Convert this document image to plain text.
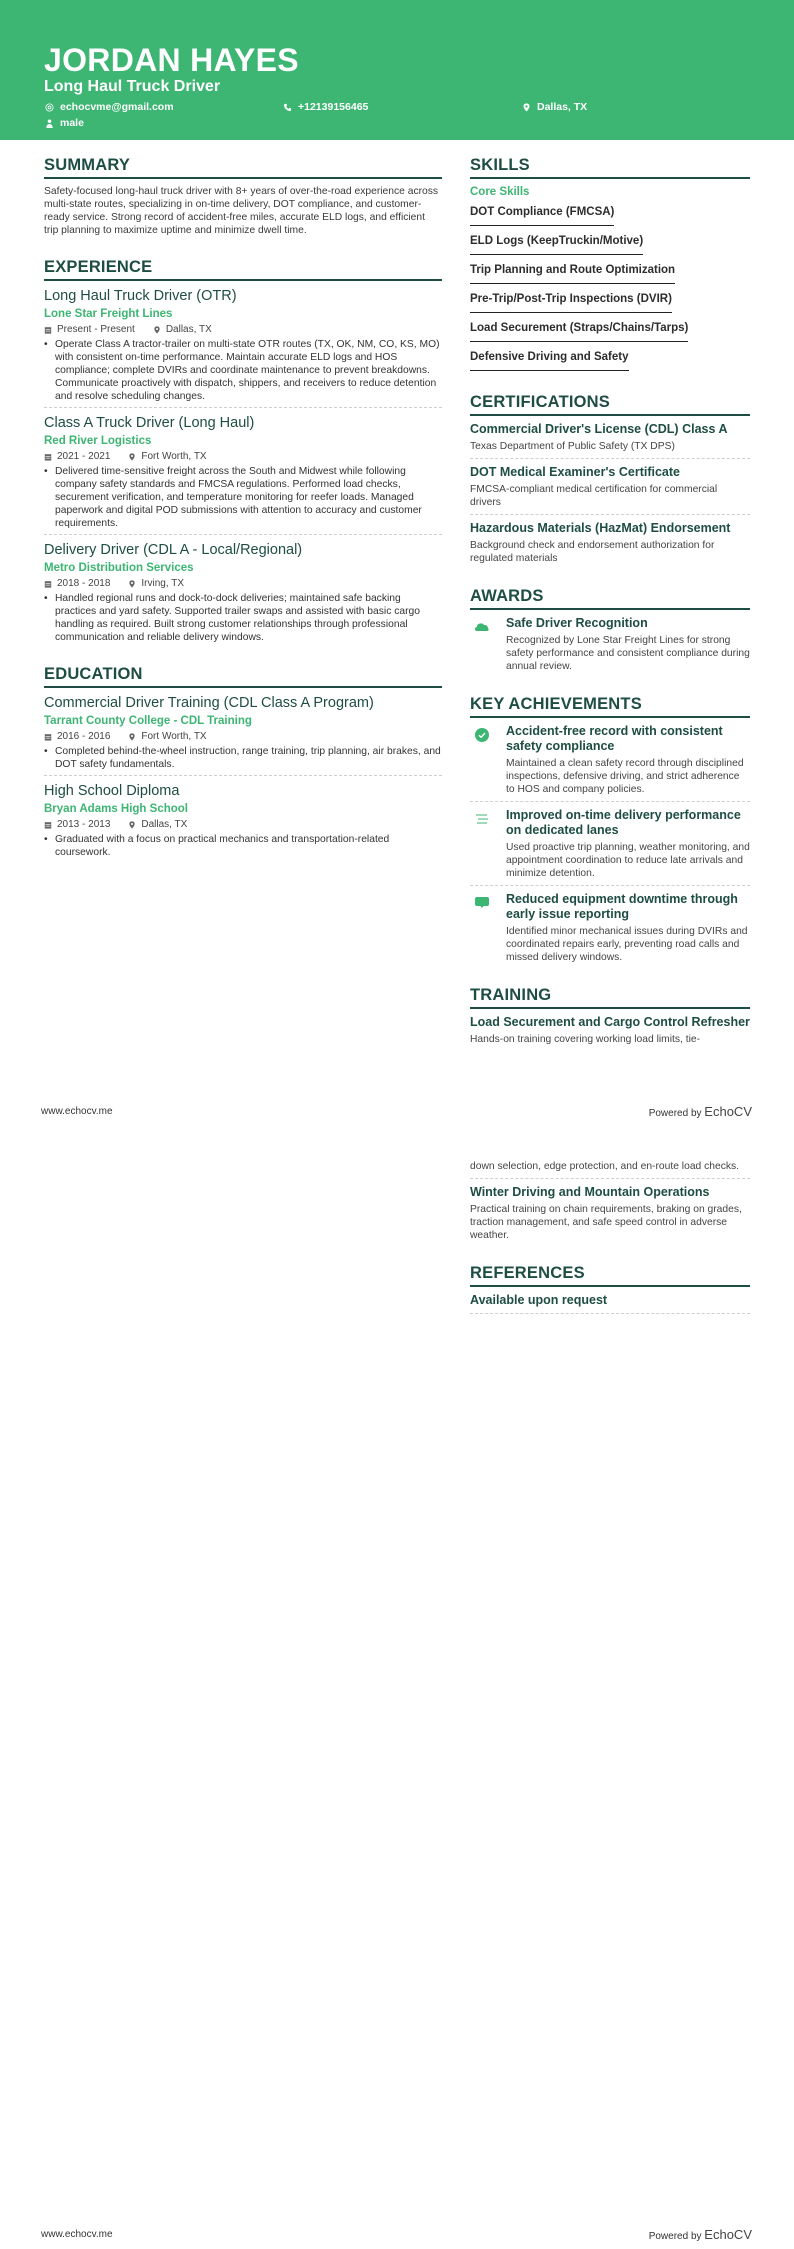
JORDAN HAYES
Long Haul Truck Driver
echocvme@gmail.com	+12139156465	Dallas, TX
male
SUMMARY
Safety-focused long-haul truck driver with 8+ years of over-the-road experience across multi-state routes, specializing in on-time delivery, DOT compliance, and customer-ready service. Strong record of accident-free miles, accurate ELD logs, and efficient trip planning to maximize uptime and minimize dwell time.
EXPERIENCE
Long Haul Truck Driver (OTR)
Lone Star Freight Lines
Present - Present	Dallas, TX
• Operate Class A tractor-trailer on multi-state OTR routes (TX, OK, NM, CO, KS, MO) with consistent on-time performance. Maintain accurate ELD logs and HOS compliance; complete DVIRs and coordinate maintenance to prevent breakdowns. Communicate proactively with dispatch, shippers, and receivers to reduce detention and resolve scheduling changes.
Class A Truck Driver (Long Haul)
Red River Logistics
2021 - 2021	Fort Worth, TX
• Delivered time-sensitive freight across the South and Midwest while following company safety standards and FMCSA regulations. Performed load checks, securement verification, and temperature monitoring for reefer loads. Managed paperwork and digital POD submissions with attention to accuracy and customer requirements.
Delivery Driver (CDL A - Local/Regional)
Metro Distribution Services
2018 - 2018	Irving, TX
• Handled regional runs and dock-to-dock deliveries; maintained safe backing practices and yard safety. Supported trailer swaps and assisted with basic cargo handling as required. Built strong customer relationships through professional communication and reliable delivery windows.
EDUCATION
Commercial Driver Training (CDL Class A Program)
Tarrant County College - CDL Training
2016 - 2016	Fort Worth, TX
• Completed behind-the-wheel instruction, range training, trip planning, air brakes, and DOT safety fundamentals.
High School Diploma
Bryan Adams High School
2013 - 2013	Dallas, TX
• Graduated with a focus on practical mechanics and transportation-related coursework.
SKILLS
Core Skills
DOT Compliance (FMCSA)
ELD Logs (KeepTruckin/Motive)
Trip Planning and Route Optimization
Pre-Trip/Post-Trip Inspections (DVIR)
Load Securement (Straps/Chains/Tarps)
Defensive Driving and Safety
CERTIFICATIONS
Commercial Driver's License (CDL) Class A
Texas Department of Public Safety (TX DPS)
DOT Medical Examiner's Certificate
FMCSA-compliant medical certification for commercial drivers
Hazardous Materials (HazMat) Endorsement
Background check and endorsement authorization for regulated materials
AWARDS
Safe Driver Recognition
Recognized by Lone Star Freight Lines for strong safety performance and consistent compliance during annual review.
KEY ACHIEVEMENTS
Accident-free record with consistent safety compliance
Maintained a clean safety record through disciplined inspections, defensive driving, and strict adherence to HOS and company policies.
Improved on-time delivery performance on dedicated lanes
Used proactive trip planning, weather monitoring, and appointment coordination to reduce late arrivals and minimize detention.
Reduced equipment downtime through early issue reporting
Identified minor mechanical issues during DVIRs and coordinated repairs early, preventing road calls and missed delivery windows.
TRAINING
Load Securement and Cargo Control Refresher
Hands-on training covering working load limits, tie-
www.echocv.me	Powered by EchoCV
down selection, edge protection, and en-route load checks.
Winter Driving and Mountain Operations
Practical training on chain requirements, braking on grades, traction management, and safe speed control in adverse weather.
REFERENCES
Available upon request
www.echocv.me	Powered by EchoCV
